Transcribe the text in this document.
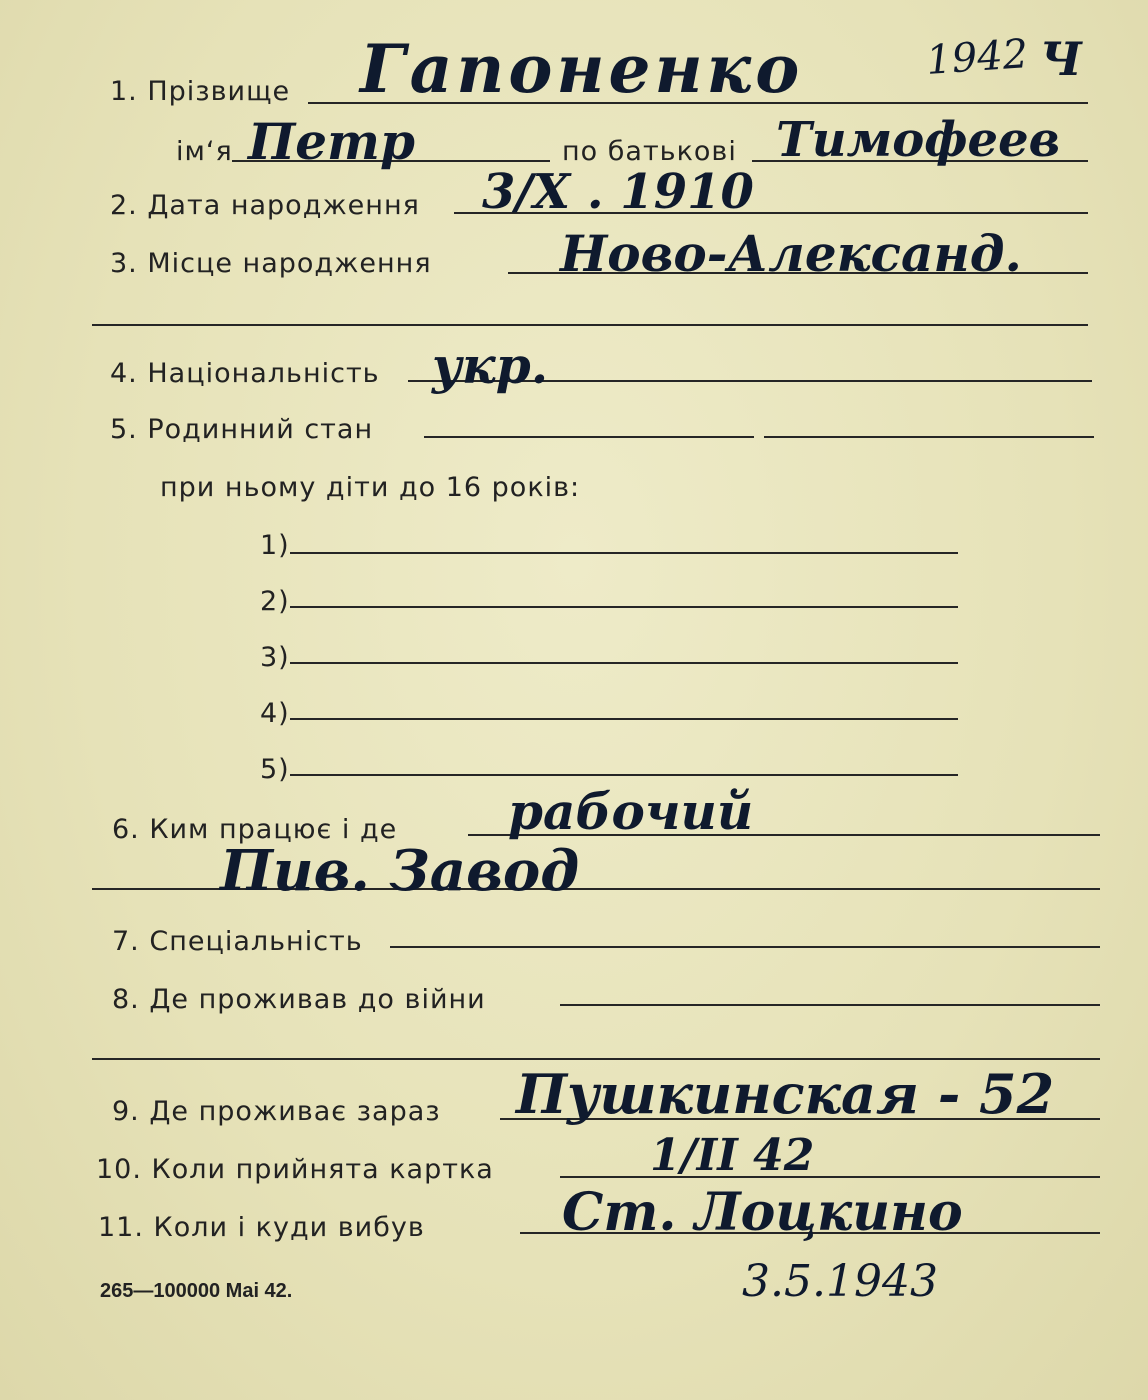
1. Прізвище Гапоненко	1942 Ч
ім‘я Петр	по батькові Тимофеев
2. Дата народження 3/X . 1910
3. Місце народження	Ново-Александ.
4. Національність укр.
5. Родинний стан
при ньому діти до 16 років:
1)
2)
3)
4)
5)
6. Ким працює і де рабочий
Пив. Завод
7. Спеціальність
8. Де проживав до війни
9. Де проживає зараз Пушкинская - 52
10. Коли прийнята картка	1/II 42
11. Коли і куди вибув	Ст. Лоцкино
3.5.1943
265—100000 Mai 42.
